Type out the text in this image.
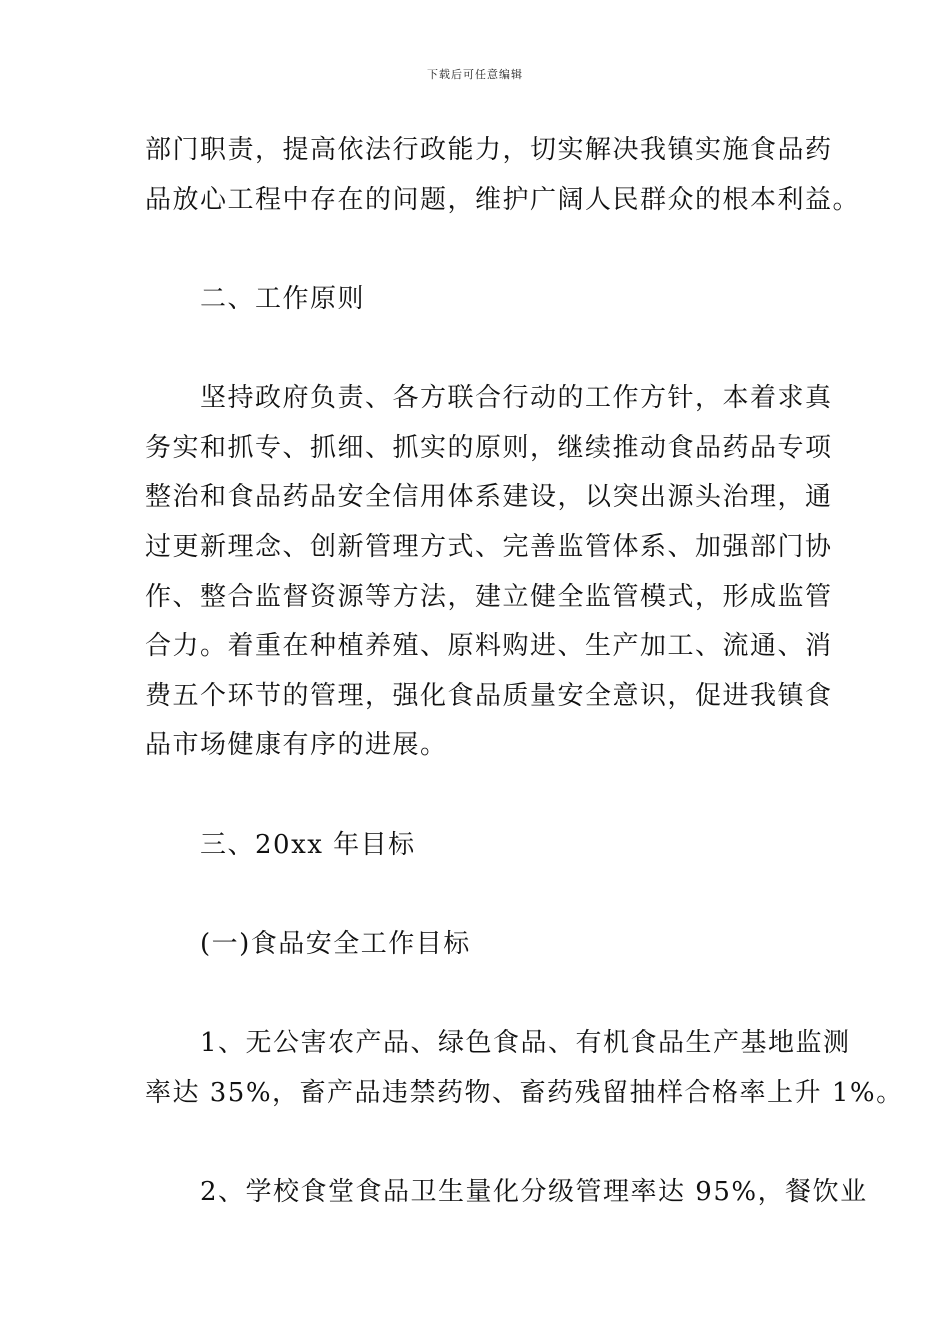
下载后可任意编辑
部门职责，提高依法行政能力，切实解决我镇实施食品药
品放心工程中存在的问题，维护广阔人民群众的根本利益。
　　二、工作原则
　　坚持政府负责、各方联合行动的工作方针，本着求真
务实和抓专、抓细、抓实的原则，继续推动食品药品专项
整治和食品药品安全信用体系建设，以突出源头治理，通
过更新理念、创新管理方式、完善监管体系、加强部门协
作、整合监督资源等方法，建立健全监管模式，形成监管
合力。着重在种植养殖、原料购进、生产加工、流通、消
费五个环节的管理，强化食品质量安全意识，促进我镇食
品市场健康有序的进展。
　　三、20xx 年目标
　　(一)食品安全工作目标
　　1、无公害农产品、绿色食品、有机食品生产基地监测
率达 35%，畜产品违禁药物、畜药残留抽样合格率上升 1%。
　　2、学校食堂食品卫生量化分级管理率达 95%，餐饮业
